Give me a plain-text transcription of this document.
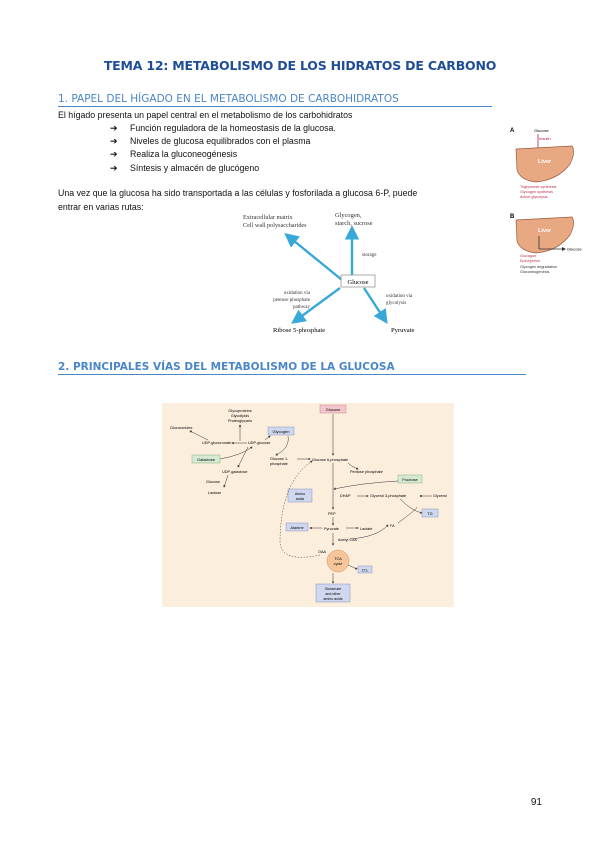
TEMA 12: METABOLISMO DE LOS HIDRATOS DE CARBONO
1. PAPEL DEL HÍGADO EN EL METABOLISMO DE CARBOHIDRATOS
El hígado presenta un papel central en el metabolismo de los carbohidratos
➔ Función reguladora de la homeostasis de la glucosa.
➔ Niveles de glucosa equilibrados con el plasma
➔ Realiza la gluconeogénesis
➔ Síntesis y almacén de glucógeno
Una vez que la glucosa ha sido transportada a las células y fosforilada a glucosa 6-P, puede
entrar en varias rutas:
A	Glucose
Insulin
Liver
Triglyceride synthesis
Glycogen synthesis
Active glycolysis
B
Liver
Glucose
Glucagon
Epinephrine
Glycogen degradation
Gluconeogenesis
Extracellular matrix
Cell wall polysaccharides
Glycogen,
starch, sucrose
storage
Glucose
oxidation via
pentose phosphate
pathway
oxidation via
glycolysis
Ribose 5-phosphate	Pyruvate
2. PRINCIPALES VÍAS DEL METABOLISMO DE LA GLUCOSA
Glucose
Glycoproteins
Glycolipids
Proteoglycans
Glucuronides
UDP-glucuronate	UDP-glucose
Glycogen
Galactose
UDP-galactose
Glucose
Lactose
Glucose 1-
phosphate
Glucose 6-phosphate
Pentose phosphate
Fructose
Amino
acids
DHAP	Glycerol 3-phosphate	Glycerol
TG
PEP
Alanine	Pyruvate	Lactate
Acetyl CoA
FA
TCA
cycle
OAA
CO₂
Glutamate
and other
amino acids
91
